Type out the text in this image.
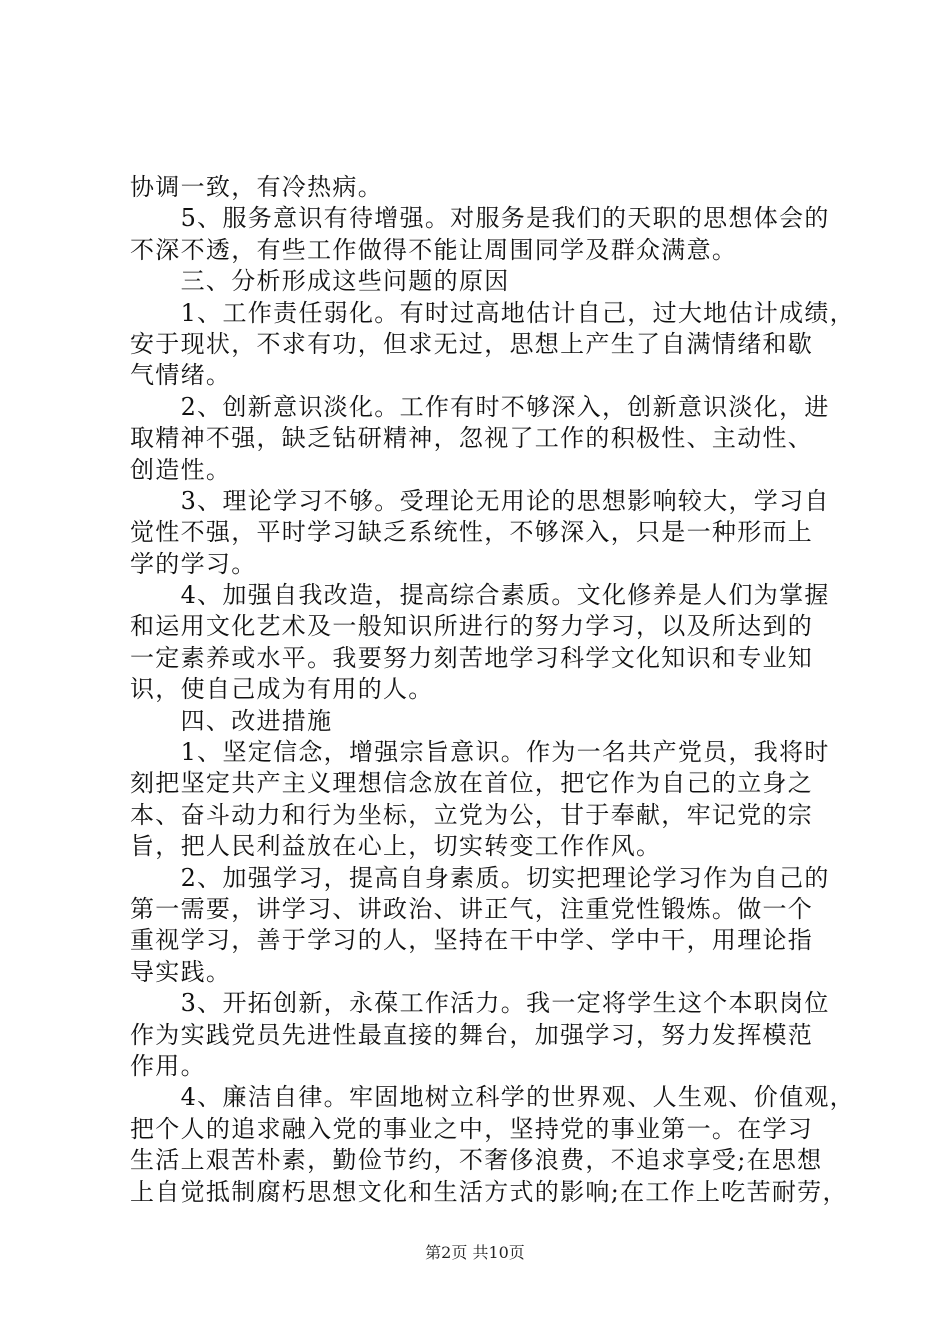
协调一致，有冷热病。
　　5、服务意识有待增强。对服务是我们的天职的思想体会的
不深不透，有些工作做得不能让周围同学及群众满意。
　　三、分析形成这些问题的原因
　　1、工作责任弱化。有时过高地估计自己，过大地估计成绩，
安于现状，不求有功，但求无过，思想上产生了自满情绪和歇
气情绪。
　　2、创新意识淡化。工作有时不够深入，创新意识淡化，进
取精神不强，缺乏钻研精神，忽视了工作的积极性、主动性、
创造性。
　　3、理论学习不够。受理论无用论的思想影响较大，学习自
觉性不强，平时学习缺乏系统性，不够深入，只是一种形而上
学的学习。
　　4、加强自我改造，提高综合素质。文化修养是人们为掌握
和运用文化艺术及一般知识所进行的努力学习，以及所达到的
一定素养或水平。我要努力刻苦地学习科学文化知识和专业知
识，使自己成为有用的人。
　　四、改进措施
　　1、坚定信念，增强宗旨意识。作为一名共产党员，我将时
刻把坚定共产主义理想信念放在首位，把它作为自己的立身之
本、奋斗动力和行为坐标，立党为公，甘于奉献，牢记党的宗
旨，把人民利益放在心上，切实转变工作作风。
　　2、加强学习，提高自身素质。切实把理论学习作为自己的
第一需要，讲学习、讲政治、讲正气，注重党性锻炼。做一个
重视学习，善于学习的人，坚持在干中学、学中干，用理论指
导实践。
　　3、开拓创新，永葆工作活力。我一定将学生这个本职岗位
作为实践党员先进性最直接的舞台，加强学习，努力发挥模范
作用。
　　4、廉洁自律。牢固地树立科学的世界观、人生观、价值观，
把个人的追求融入党的事业之中，坚持党的事业第一。在学习
生活上艰苦朴素，勤俭节约，不奢侈浪费，不追求享受;在思想
上自觉抵制腐朽思想文化和生活方式的影响;在工作上吃苦耐劳，
第2页 共10页
